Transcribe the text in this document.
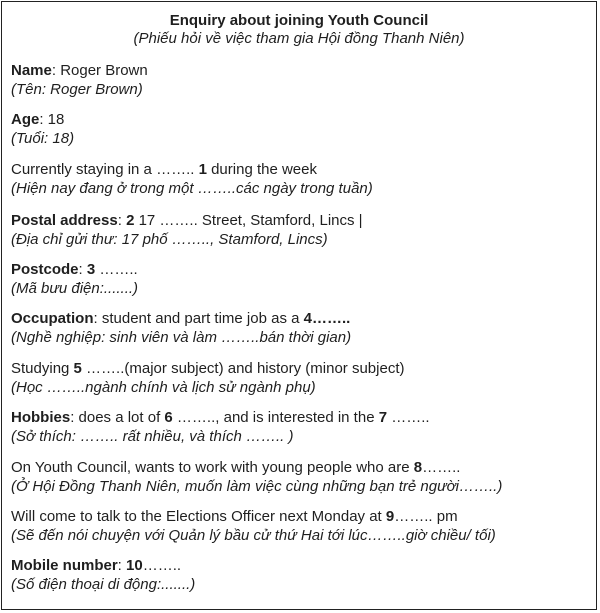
Enquiry about joining Youth Council
(Phiếu hỏi về việc tham gia Hội đồng Thanh Niên)
Name: Roger Brown
(Tên: Roger Brown)
Age: 18
(Tuổi: 18)
Currently staying in a …….. 1 during the week
(Hiện nay đang ở trong một ……..các ngày trong tuần)
Postal address: 2 17 …….. Street, Stamford, Lincs |
(Địa chỉ gửi thư: 17 phố …….., Stamford, Lincs)
Postcode: 3 ……..
(Mã bưu điện:.......)
Occupation: student and part time job as a 4……..
(Nghề nghiệp: sinh viên và làm ……..bán thời gian)
Studying 5 ……..(major subject) and history (minor subject)
(Học ……..ngành chính và lịch sử ngành phụ)
Hobbies: does a lot of 6 …….., and is interested in the 7 ……..
(Sở thích: …….. rất nhiều, và thích …….. )
On Youth Council, wants to work with young people who are 8……..
(Ở Hội Đồng Thanh Niên, muốn làm việc cùng những bạn trẻ người……..)
Will come to talk to the Elections Officer next Monday at 9…….. pm
(Sẽ đến nói chuyện với Quản lý bầu cử thứ Hai tới lúc……..giờ chiều/ tối)
Mobile number: 10……..
(Số điện thoại di động:.......)
